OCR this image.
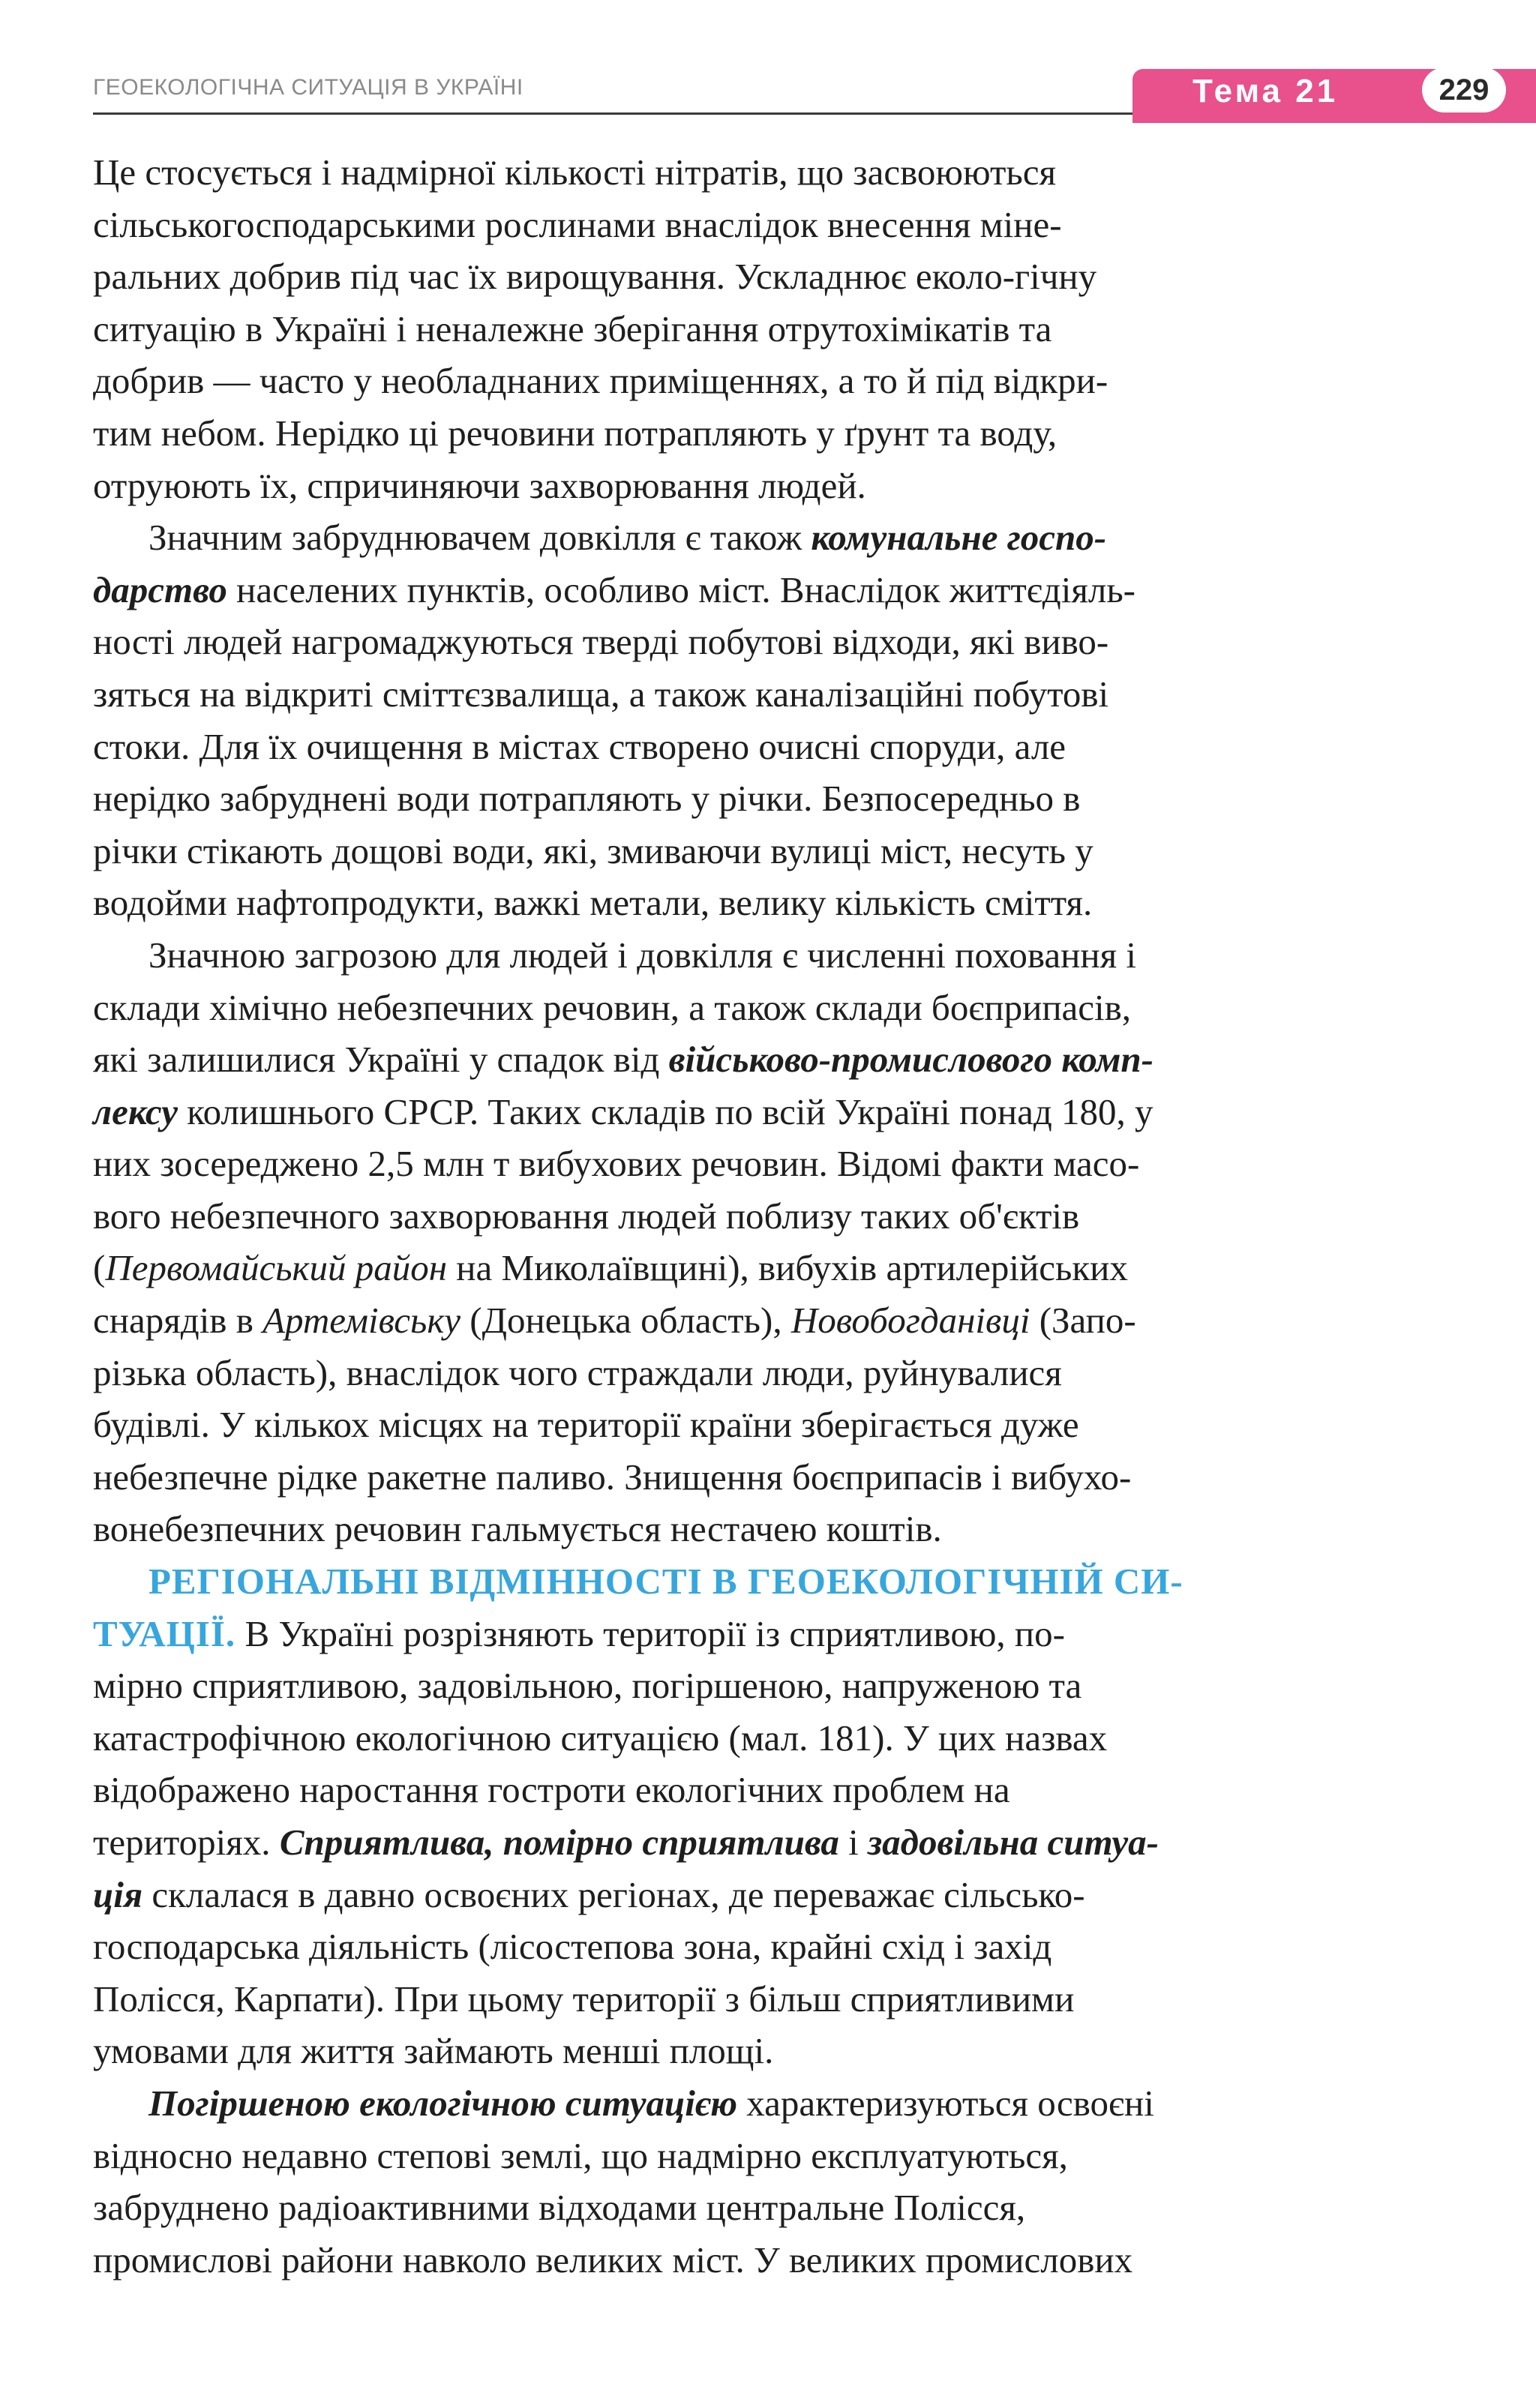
ГЕОЕКОЛОГІЧНА СИТУАЦІЯ В УКРАЇНІ	Тема 21	229
Це стосується і надмірної кількості нітратів, що засвоюються
сільськогосподарськими рослинами внаслідок внесення міне-
ральних добрив під час їх вирощування. Ускладнює еколо-гічну
ситуацію в Україні і неналежне зберігання отрутохімікатів та
добрив — часто у необладнаних приміщеннях, а то й під відкри-
тим небом. Нерідко ці речовини потрапляють у ґрунт та воду,
отруюють їх, спричиняючи захворювання людей.
Значним забруднювачем довкілля є також комунальне госпо-
дарство населених пунктів, особливо міст. Внаслідок життєдіяль-
ності людей нагромаджуються тверді побутові відходи, які виво-
зяться на відкриті сміттєзвалища, а також каналізаційні побутові
стоки. Для їх очищення в містах створено очисні споруди, але
нерідко забруднені води потрапляють у річки. Безпосередньо в
річки стікають дощові води, які, змиваючи вулиці міст, несуть у
водойми нафтопродукти, важкі метали, велику кількість сміття.
Значною загрозою для людей і довкілля є численні поховання і
склади хімічно небезпечних речовин, а також склади боєприпасів,
які залишилися Україні у спадок від військово-промислового комп-
лексу колишнього СРСР. Таких складів по всій Україні понад 180, у
них зосереджено 2,5 млн т вибухових речовин. Відомі факти масо-
вого небезпечного захворювання людей поблизу таких об'єктів
(Первомайський район на Миколаївщині), вибухів артилерійських
снарядів в Артемівську (Донецька область), Новобогданівці (Запо-
різька область), внаслідок чого страждали люди, руйнувалися
будівлі. У кількох місцях на території країни зберігається дуже
небезпечне рідке ракетне паливо. Знищення боєприпасів і вибухо-
вонебезпечних речовин гальмується нестачею коштів.
РЕГІОНАЛЬНІ ВІДМІННОСТІ В ГЕОЕКОЛОГІЧНІЙ СИ-
ТУАЦІЇ. В Україні розрізняють території із сприятливою, по-
мірно сприятливою, задовільною, погіршеною, напруженою та
катастрофічною екологічною ситуацією (мал. 181). У цих назвах
відображено наростання гостроти екологічних проблем на
територіях. Сприятлива, помірно сприятлива і задовільна ситуа-
ція склалася в давно освоєних регіонах, де переважає сільсько-
господарська діяльність (лісостепова зона, крайні схід і захід
Полісся, Карпати). При цьому території з більш сприятливими
умовами для життя займають менші площі.
Погіршеною екологічною ситуацією характеризуються освоєні
відносно недавно степові землі, що надмірно експлуатуються,
забруднено радіоактивними відходами центральне Полісся,
промислові райони навколо великих міст. У великих промислових
